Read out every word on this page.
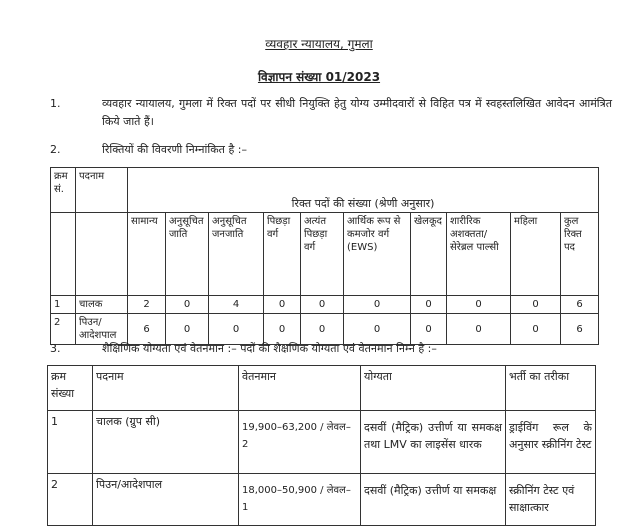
व्यवहार न्यायालय, गुमला
विज्ञापन संख्या 01/2023
1.	व्यवहार न्यायालय, गुमला में रिक्त पदों पर सीधी नियुक्ति हेतु योग्य उम्मीदवारों से विहित पत्र में स्वहस्तलिखित आवेदन आमंत्रित किये जाते हैं।
2.	रिक्तियों की विवरणी निम्नांकित है :–
क्रम सं.	पदनाम	रिक्त पदों की संख्या (श्रेणी अनुसार)
		सामान्य	अनुसूचित जाति	अनुसूचित जनजाति	पिछड़ा वर्ग	अत्यंत पिछड़ा वर्ग	आर्थिक रूप से कमजोर वर्ग (EWS)	खेलकूद	शारीरिक अशक्तता/ सेरेब्रल पाल्सी	महिला	कुल रिक्त पद
1	चालक	2	0	4	0	0	0	0	0	0	6
2	पिउन/ आदेशपाल	6	0	0	0	0	0	0	0	0	6
3.	शैक्षिणिक योग्यता एवं वेतनमान :– पदों की शैक्षणिक योग्यता एवं वेतनमान निम्न है :–
क्रम संख्या	पदनाम	वेतनमान	योग्यता	भर्ती का तरीका
1	चालक (ग्रुप सी)	19,900–63,200 / लेवल–2	दसवीं (मैट्रिक) उत्तीर्ण या समकक्ष तथा LMV का लाइसेंस धारक	ड्राईविंग रूल के अनुसार स्क्रीनिंग टेस्ट
2	पिउन/आदेशपाल	18,000–50,900 / लेवल–1	दसवीं (मैट्रिक) उत्तीर्ण या समकक्ष	स्क्रीनिंग टेस्ट एवं साक्षात्कार
